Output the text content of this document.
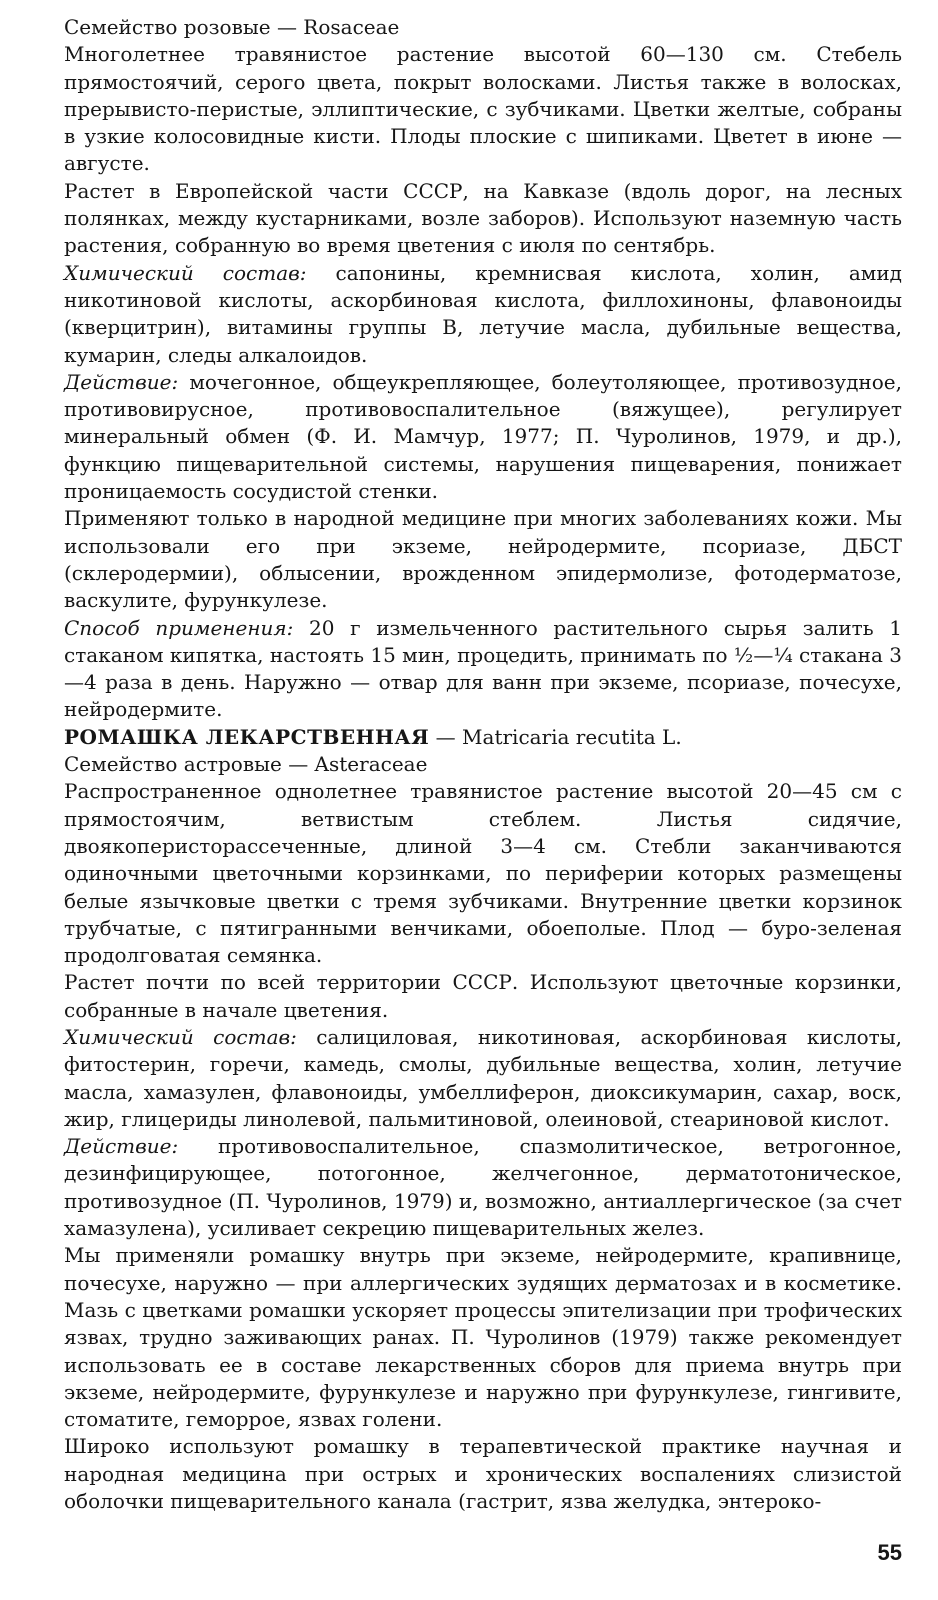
Семейство розовые — Rosaceae

Многолетнее травянистое растение высотой 60—130 см. Стебель прямостоячий, серого цвета, покрыт волосками. Листья также в волосках, прерывисто-перистые, эллиптические, с зубчиками. Цветки желтые, собраны в узкие колосовидные кисти. Плоды плоские с шипиками. Цветет в июне — августе.

Растет в Европейской части СССР, на Кавказе (вдоль дорог, на лесных полянках, между кустарниками, возле заборов). Используют наземную часть растения, собранную во время цветения с июля по сентябрь.

Химический состав: сапонины, кремнисвая кислота, холин, амид никотиновой кислоты, аскорбиновая кислота, филлохиноны, флавоноиды (кверцитрин), витамины группы В, летучие масла, дубильные вещества, кумарин, следы алкалоидов.

Действие: мочегонное, общеукрепляющее, болеутоляющее, противозудное, противовирусное, противовоспалительное (вяжущее), регулирует минеральный обмен (Ф. И. Мамчур, 1977; П. Чуролинов, 1979, и др.), функцию пищеварительной системы, нарушения пищеварения, понижает проницаемость сосудистой стенки.

Применяют только в народной медицине при многих заболеваниях кожи. Мы использовали его при экземе, нейродермите, псориазе, ДБСТ (склеродермии), облысении, врожденном эпидермолизе, фотодерматозе, васкулите, фурункулезе.

Способ применения: 20 г измельченного растительного сырья залить 1 стаканом кипятка, настоять 15 мин, процедить, принимать по ½—¼ стакана 3—4 раза в день. Наружно — отвар для ванн при экземе, псориазе, почесухе, нейродермите.

РОМАШКА ЛЕКАРСТВЕННАЯ — Matricaria recutita L.

Семейство астровые — Asteraceae

Распространенное однолетнее травянистое растение высотой 20—45 см с прямостоячим, ветвистым стеблем. Листья сидячие, двоякоперисторассеченные, длиной 3—4 см. Стебли заканчиваются одиночными цветочными корзинками, по периферии которых размещены белые язычковые цветки с тремя зубчиками. Внутренние цветки корзинок трубчатые, с пятигранными венчиками, обоеполые. Плод — буро-зеленая продолговатая семянка.

Растет почти по всей территории СССР. Используют цветочные корзинки, собранные в начале цветения.

Химический состав: салициловая, никотиновая, аскорбиновая кислоты, фитостерин, горечи, камедь, смолы, дубильные вещества, холин, летучие масла, хамазулен, флавоноиды, умбеллиферон, диоксикумарин, сахар, воск, жир, глицериды линолевой, пальмитиновой, олеиновой, стеариновой кислот.

Действие: противовоспалительное, спазмолитическое, ветрогонное, дезинфицирующее, потогонное, желчегонное, дерматотоническое, противозудное (П. Чуролинов, 1979) и, возможно, антиаллергическое (за счет хамазулена), усиливает секрецию пищеварительных желез.

Мы применяли ромашку внутрь при экземе, нейродермите, крапивнице, почесухе, наружно — при аллергических зудящих дерматозах и в косметике. Мазь с цветками ромашки ускоряет процессы эпителизации при трофических язвах, трудно заживающих ранах. П. Чуролинов (1979) также рекомендует использовать ее в составе лекарственных сборов для приема внутрь при экземе, нейродермите, фурункулезе и наружно при фурункулезе, гингивите, стоматите, геморрое, язвах голени.

Широко используют ромашку в терапевтической практике научная и народная медицина при острых и хронических воспалениях слизистой оболочки пищеварительного канала (гастрит, язва желудка, энтероко-

55
